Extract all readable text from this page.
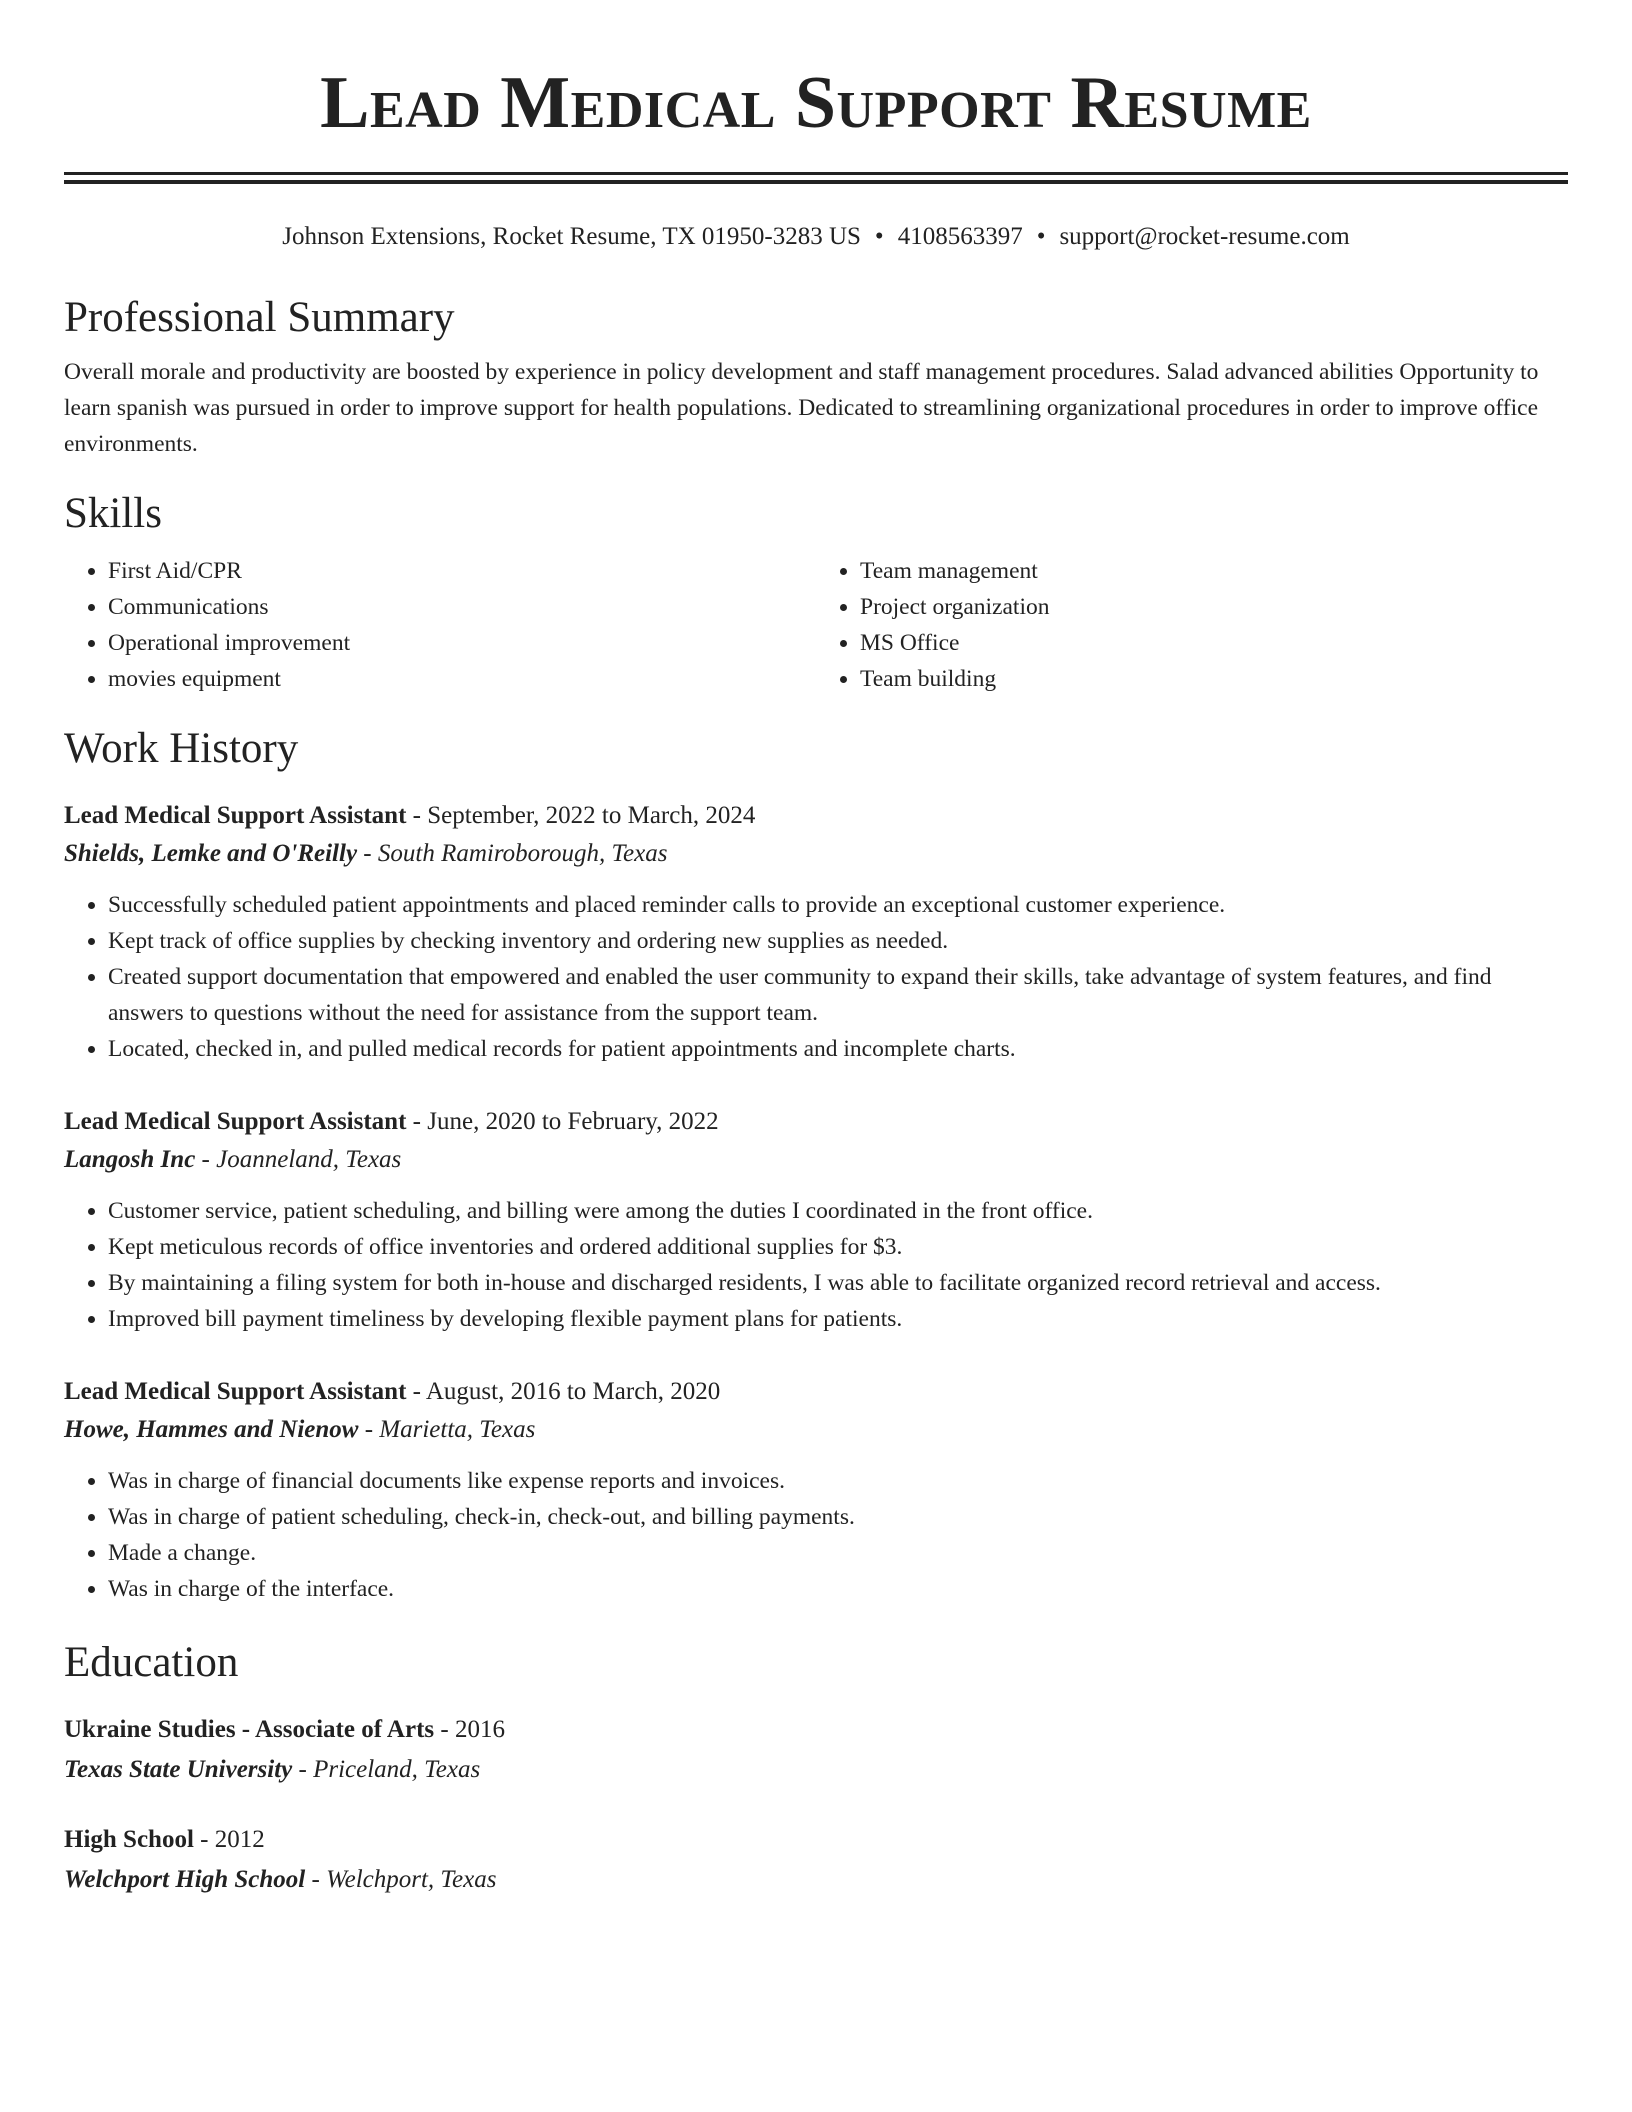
Lead Medical Support Resume
Johnson Extensions, Rocket Resume, TX 01950-3283 US • 4108563397 • support@rocket-resume.com
Professional Summary

Overall morale and productivity are boosted by experience in policy development and staff management procedures. Salad advanced abilities Opportunity to learn spanish was pursued in order to improve support for health populations. Dedicated to streamlining organizational procedures in order to improve office environments.

Skills
• First Aid/CPR
• Communications
• Operational improvement
• movies equipment
• Team management
• Project organization
• MS Office
• Team building
Work History
Lead Medical Support Assistant - September, 2022 to March, 2024
Shields, Lemke and O'Reilly - South Ramiroborough, Texas
• Successfully scheduled patient appointments and placed reminder calls to provide an exceptional customer experience.
• Kept track of office supplies by checking inventory and ordering new supplies as needed.
• Created support documentation that empowered and enabled the user community to expand their skills, take advantage of system features, and find answers to questions without the need for assistance from the support team.
• Located, checked in, and pulled medical records for patient appointments and incomplete charts.
Lead Medical Support Assistant - June, 2020 to February, 2022
Langosh Inc - Joanneland, Texas
• Customer service, patient scheduling, and billing were among the duties I coordinated in the front office.
• Kept meticulous records of office inventories and ordered additional supplies for $3.
• By maintaining a filing system for both in-house and discharged residents, I was able to facilitate organized record retrieval and access.
• Improved bill payment timeliness by developing flexible payment plans for patients.
Lead Medical Support Assistant - August, 2016 to March, 2020
Howe, Hammes and Nienow - Marietta, Texas
• Was in charge of financial documents like expense reports and invoices.
• Was in charge of patient scheduling, check-in, check-out, and billing payments.
• Made a change.
• Was in charge of the interface.
Education
Ukraine Studies - Associate of Arts - 2016
Texas State University - Priceland, Texas
High School - 2012
Welchport High School - Welchport, Texas
